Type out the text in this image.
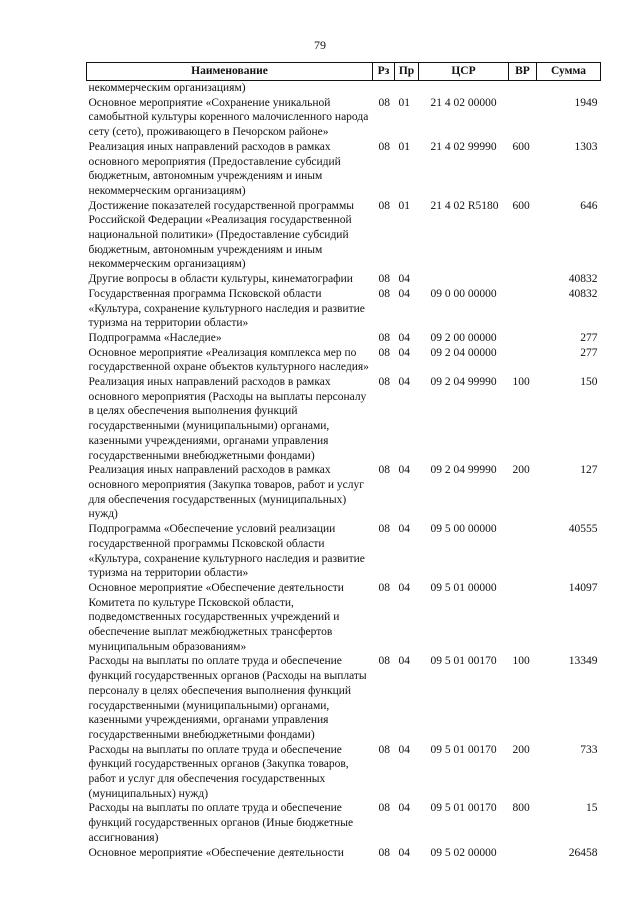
79
Наименование	Рз	Пр	ЦСР	ВР	Сумма
некоммерческим организациям)					
Основное мероприятие «Сохранение уникальной самобытной культуры коренного малочисленного народа сету (сето), проживающего в Печорском районе»	08	01	21 4 02 00000		1949
Реализация иных направлений расходов в рамках основного мероприятия (Предоставление субсидий бюджетным, автономным учреждениям и иным некоммерческим организациям)	08	01	21 4 02 99990	600	1303
Достижение показателей государственной программы Российской Федерации «Реализация государственной национальной политики» (Предоставление субсидий бюджетным, автономным учреждениям и иным некоммерческим организациям)	08	01	21 4 02 R5180	600	646
Другие вопросы в области культуры, кинематографии	08	04			40832
Государственная программа Псковской области «Культура, сохранение культурного наследия и развитие туризма на территории области»	08	04	09 0 00 00000		40832
Подпрограмма «Наследие»	08	04	09 2 00 00000		277
Основное мероприятие «Реализация комплекса мер по государственной охране объектов культурного наследия»	08	04	09 2 04 00000		277
Реализация иных направлений расходов в рамках основного мероприятия (Расходы на выплаты персоналу в целях обеспечения выполнения функций государственными (муниципальными) органами, казенными учреждениями, органами управления государственными внебюджетными фондами)	08	04	09 2 04 99990	100	150
Реализация иных направлений расходов в рамках основного мероприятия (Закупка товаров, работ и услуг для обеспечения государственных (муниципальных) нужд)	08	04	09 2 04 99990	200	127
Подпрограмма «Обеспечение условий реализации государственной программы Псковской области «Культура, сохранение культурного наследия и развитие туризма на территории области»	08	04	09 5 00 00000		40555
Основное мероприятие «Обеспечение деятельности Комитета по культуре Псковской области, подведомственных государственных учреждений и обеспечение выплат межбюджетных трансфертов муниципальным образованиям»	08	04	09 5 01 00000		14097
Расходы на выплаты по оплате труда и обеспечение функций государственных органов (Расходы на выплаты персоналу в целях обеспечения выполнения функций государственными (муниципальными) органами, казенными учреждениями, органами управления государственными внебюджетными фондами)	08	04	09 5 01 00170	100	13349
Расходы на выплаты по оплате труда и обеспечение функций государственных органов (Закупка товаров, работ и услуг для обеспечения государственных (муниципальных) нужд)	08	04	09 5 01 00170	200	733
Расходы на выплаты по оплате труда и обеспечение функций государственных органов (Иные бюджетные ассигнования)	08	04	09 5 01 00170	800	15
Основное мероприятие «Обеспечение деятельности	08	04	09 5 02 00000		26458
